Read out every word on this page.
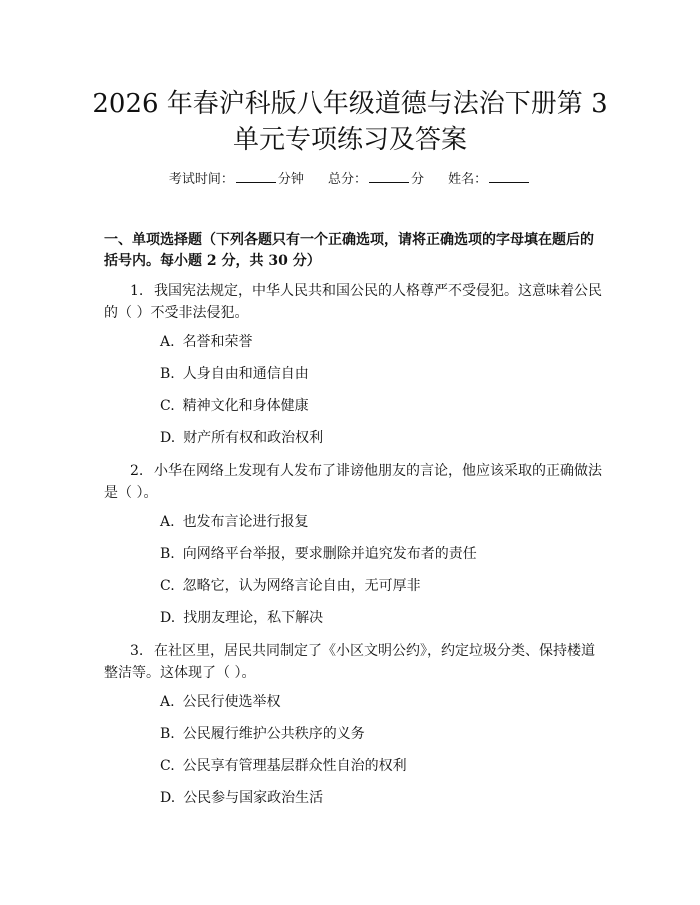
2026 年春沪科版八年级道德与法治下册第 3
单元专项练习及答案
考试时间：	分钟 总分：	分 姓名：
一、单项选择题（下列各题只有一个正确选项，请将正确选项的字母填在题后的括号内。每小题 2 分，共 30 分）
1. 我国宪法规定，中华人民共和国公民的人格尊严不受侵犯。这意味着公民的（ ）不受非法侵犯。
A. 名誉和荣誉
B. 人身自由和通信自由
C. 精神文化和身体健康
D. 财产所有权和政治权利
2. 小华在网络上发现有人发布了诽谤他朋友的言论，他应该采取的正确做法是（ ）。
A. 也发布言论进行报复
B. 向网络平台举报，要求删除并追究发布者的责任
C. 忽略它，认为网络言论自由，无可厚非
D. 找朋友理论，私下解决
3. 在社区里，居民共同制定了《小区文明公约》，约定垃圾分类、保持楼道整洁等。这体现了（ ）。
A. 公民行使选举权
B. 公民履行维护公共秩序的义务
C. 公民享有管理基层群众性自治的权利
D. 公民参与国家政治生活
